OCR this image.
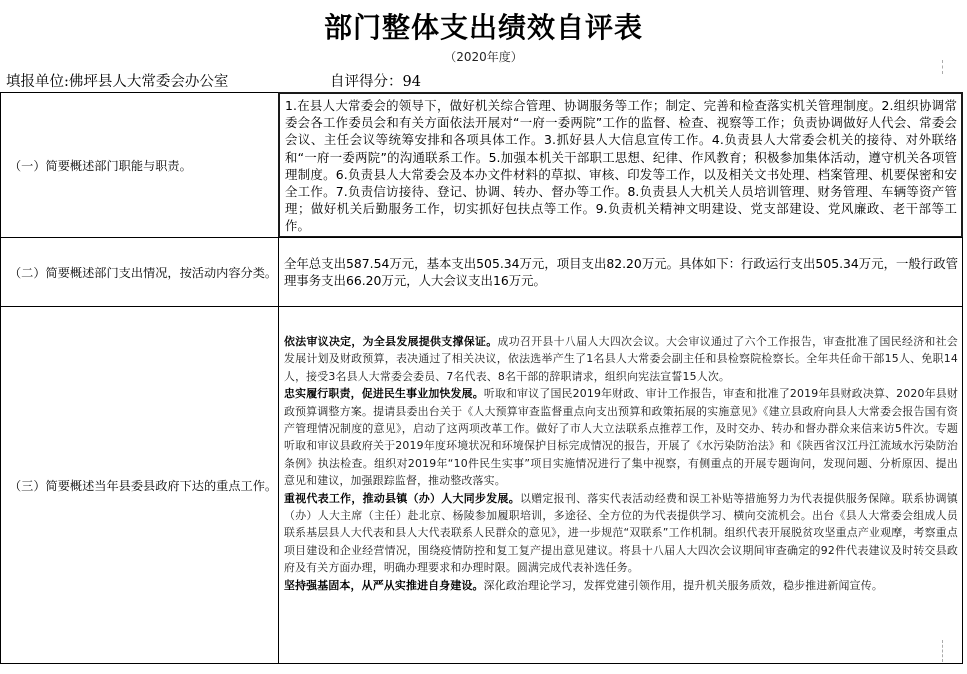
部门整体支出绩效自评表
（2020年度）
填报单位:佛坪县人大常委会办公室	自评得分：94
（一）简要概述部门职能与职责。
1.在县人大常委会的领导下，做好机关综合管理、协调服务等工作；制定、完善和检查落实机关管理制度。2.组织协调常委会各工作委员会和有关方面依法开展对“一府一委两院”工作的监督、检查、视察等工作；负责协调做好人代会、常委会会议、主任会议等统筹安排和各项具体工作。3.抓好县人大信息宣传工作。4.负责县人大常委会机关的接待、对外联络和“一府一委两院”的沟通联系工作。5.加强本机关干部职工思想、纪律、作风教育；积极参加集体活动，遵守机关各项管理制度。6.负责县人大常委会及本办文件材料的草拟、审核、印发等工作，以及相关文书处理、档案管理、机要保密和安全工作。7.负责信访接待、登记、协调、转办、督办等工作。8.负责县人大机关人员培训管理、财务管理、车辆等资产管理；做好机关后勤服务工作，切实抓好包扶点等工作。9.负责机关精神文明建设、党支部建设、党风廉政、老干部等工作。
（二）简要概述部门支出情况，按活动内容分类。
全年总支出587.54万元，基本支出505.34万元，项目支出82.20万元。具体如下：行政运行支出505.34万元，一般行政管理事务支出66.20万元，人大会议支出16万元。
（三）简要概述当年县委县政府下达的重点工作。

依法审议决定，为全县发展提供支撑保证。成功召开县十八届人大四次会议。大会审议通过了六个工作报告，审查批准了国民经济和社会发展计划及财政预算，表决通过了相关决议，依法选举产生了1名县人大常委会副主任和县检察院检察长。全年共任命干部15人、免职14人，接受3名县人大常委会委员、7名代表、8名干部的辞职请求，组织向宪法宣誓15人次。

忠实履行职责，促进民生事业加快发展。听取和审议了国民2019年财政、审计工作报告，审查和批准了2019年县财政决算、2020年县财政预算调整方案。提请县委出台关于《人大预算审查监督重点向支出预算和政策拓展的实施意见》《建立县政府向县人大常委会报告国有资产管理情况制度的意见》，启动了这两项改革工作。做好了市人大立法联系点推荐工作，及时交办、转办和督办群众来信来访5件次。专题听取和审议县政府关于2019年度环境状况和环境保护目标完成情况的报告，开展了《水污染防治法》和《陕西省汉江丹江流域水污染防治条例》执法检查。组织对2019年“10件民生实事”项目实施情况进行了集中视察，有侧重点的开展专题询问，发现问题、分析原因、提出意见和建议，加强跟踪监督，推动整改落实。

重视代表工作，推动县镇（办）人大同步发展。以赠定报刊、落实代表活动经费和误工补贴等措施努力为代表提供服务保障。联系协调镇（办）人大主席（主任）赴北京、杨陵参加履职培训，多途径、全方位的为代表提供学习、横向交流机会。出台《县人大常委会组成人员联系基层县人大代表和县人大代表联系人民群众的意见》，进一步规范“双联系”工作机制。组织代表开展脱贫攻坚重点产业观摩，考察重点项目建设和企业经营情况，围绕疫情防控和复工复产提出意见建议。将县十八届人大四次会议期间审查确定的92件代表建议及时转交县政府及有关方面办理，明确办理要求和办理时限。圆满完成代表补选任务。

坚持强基固本，从严从实推进自身建设。深化政治理论学习，发挥党建引领作用，提升机关服务质效，稳步推进新闻宣传。
